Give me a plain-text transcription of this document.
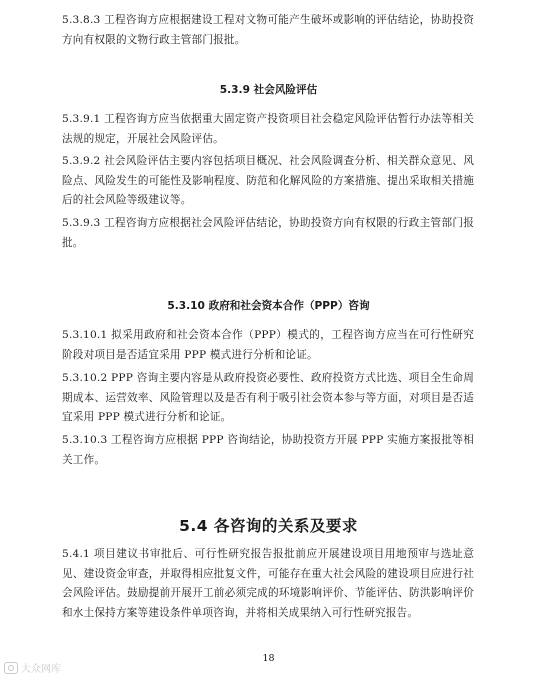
5.3.8.3 工程咨询方应根据建设工程对文物可能产生破坏或影响的评估结论，协助投资方向有权限的文物行政主管部门报批。

5.3.9 社会风险评估

5.3.9.1 工程咨询方应当依据重大固定资产投资项目社会稳定风险评估暂行办法等相关法规的规定，开展社会风险评估。

5.3.9.2 社会风险评估主要内容包括项目概况、社会风险调查分析、相关群众意见、风险点、风险发生的可能性及影响程度、防范和化解风险的方案措施、提出采取相关措施后的社会风险等级建议等。

5.3.9.3 工程咨询方应根据社会风险评估结论，协助投资方向有权限的行政主管部门报批。

5.3.10 政府和社会资本合作（PPP）咨询

5.3.10.1 拟采用政府和社会资本合作（PPP）模式的，工程咨询方应当在可行性研究阶段对项目是否适宜采用 PPP 模式进行分析和论证。

5.3.10.2 PPP 咨询主要内容是从政府投资必要性、政府投资方式比选、项目全生命周期成本、运营效率、风险管理以及是否有利于吸引社会资本参与等方面，对项目是否适宜采用 PPP 模式进行分析和论证。

5.3.10.3 工程咨询方应根据 PPP 咨询结论，协助投资方开展 PPP 实施方案报批等相关工作。

5.4 各咨询的关系及要求

5.4.1 项目建议书审批后、可行性研究报告报批前应开展建设项目用地预审与选址意见、建设资金审查，并取得相应批复文件，可能存在重大社会风险的建设项目应进行社会风险评估。鼓励提前开展开工前必须完成的环境影响评价、节能评估、防洪影响评价和水土保持方案等建设条件单项咨询，并将相关成果纳入可行性研究报告。

18
大众网库
